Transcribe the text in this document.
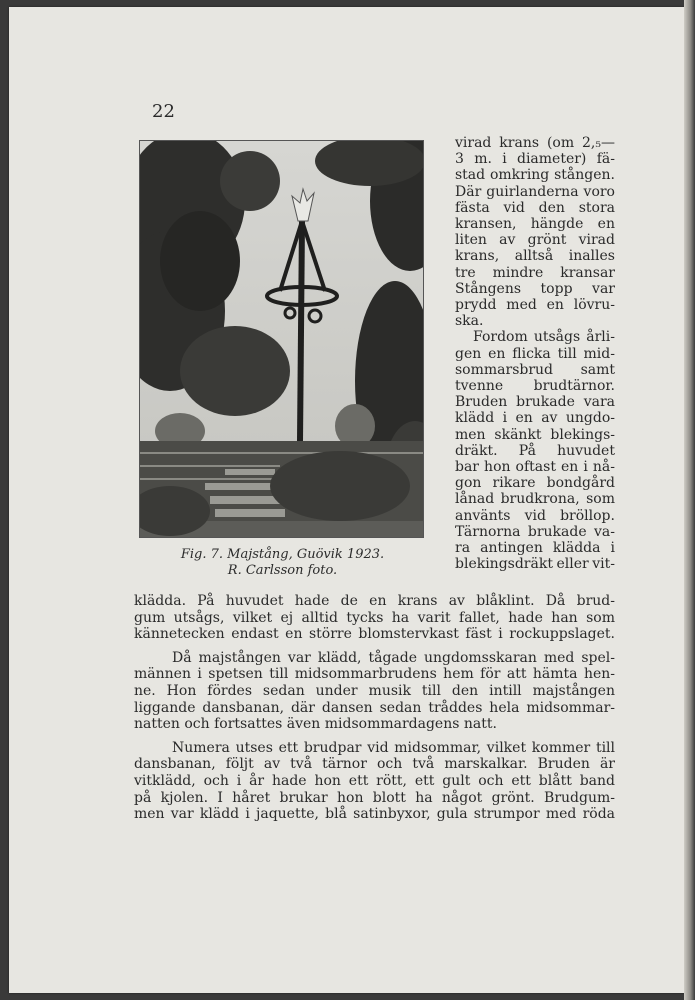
22
Fig. 7. Majstång, Guövik 1923.
R. Carlsson foto.
virad krans (om 2,₅—
3 m. i diameter) fä-
stad omkring stången.
Där guirlanderna voro
fästa vid den stora
kransen, hängde en
liten av grönt virad
krans, alltså inalles
tre mindre kransar
Stångens topp var
prydd med en lövru-
ska.
Fordom utsågs årli-
gen en flicka till mid-
sommarsbrud samt
tvenne brudtärnor.
Bruden brukade vara
klädd i en av ungdo-
men skänkt blekings-
dräkt. På huvudet
bar hon oftast en i nå-
gon rikare bondgård
lånad brudkrona, som
använts vid bröllop.
Tärnorna brukade va-
ra antingen klädda i
blekingsdräkt eller vit-
klädda. På huvudet hade de en krans av blåklint. Då brud-
gum utsågs, vilket ej alltid tycks ha varit fallet, hade han som
kännetecken endast en större blomstervkast fäst i rockuppslaget.
Då majstången var klädd, tågade ungdomsskaran med spel-
männen i spetsen till midsommarbrudens hem för att hämta hen-
ne. Hon fördes sedan under musik till den intill majstången
liggande dansbanan, där dansen sedan tråddes hela midsommar-
natten och fortsattes även midsommardagens natt.
Numera utses ett brudpar vid midsommar, vilket kommer till
dansbanan, följt av två tärnor och två marskalkar. Bruden är
vitklädd, och i år hade hon ett rött, ett gult och ett blått band
på kjolen. I håret brukar hon blott ha något grönt. Brudgum-
men var klädd i jaquette, blå satinbyxor, gula strumpor med röda
